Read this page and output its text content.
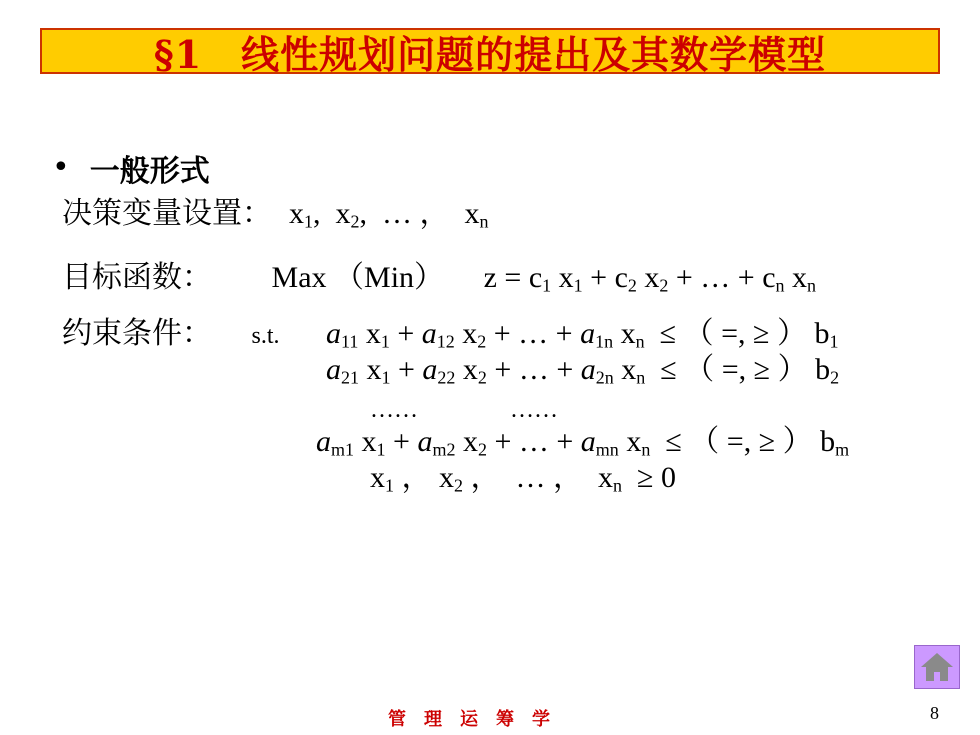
§1　线性规划问题的提出及其数学模型
• 一般形式
决策变量设置：  $x_1$,  $x_2$,  … ，  $x_n$
目标函数： Max （Min） $z = c_1$ $x_1 + c_2$ $x_2$ + … + $c_n$ $x_n$
约束条件： s.t. $a_{11}$ $x_1 + a_{12}$ $x_2$ + … + $a_{1n}$ $x_n$ ≤ （ =, ≥ ） $b_1$
$a_{21}$ $x_1 + a_{22}$ $x_2$ + … + $a_{2n}$ $x_n$ ≤ （ =, ≥ ） $b_2$
……	……
$a_{m1}$ $x_1 + a_{m2}$ $x_2$ + … + $a_{mn}$ $x_n$ ≤ （ =, ≥ ） $b_m$
$x_1$ ， $x_2$ ，  … ，  $x_n \ge 0$
管理运筹学	8
